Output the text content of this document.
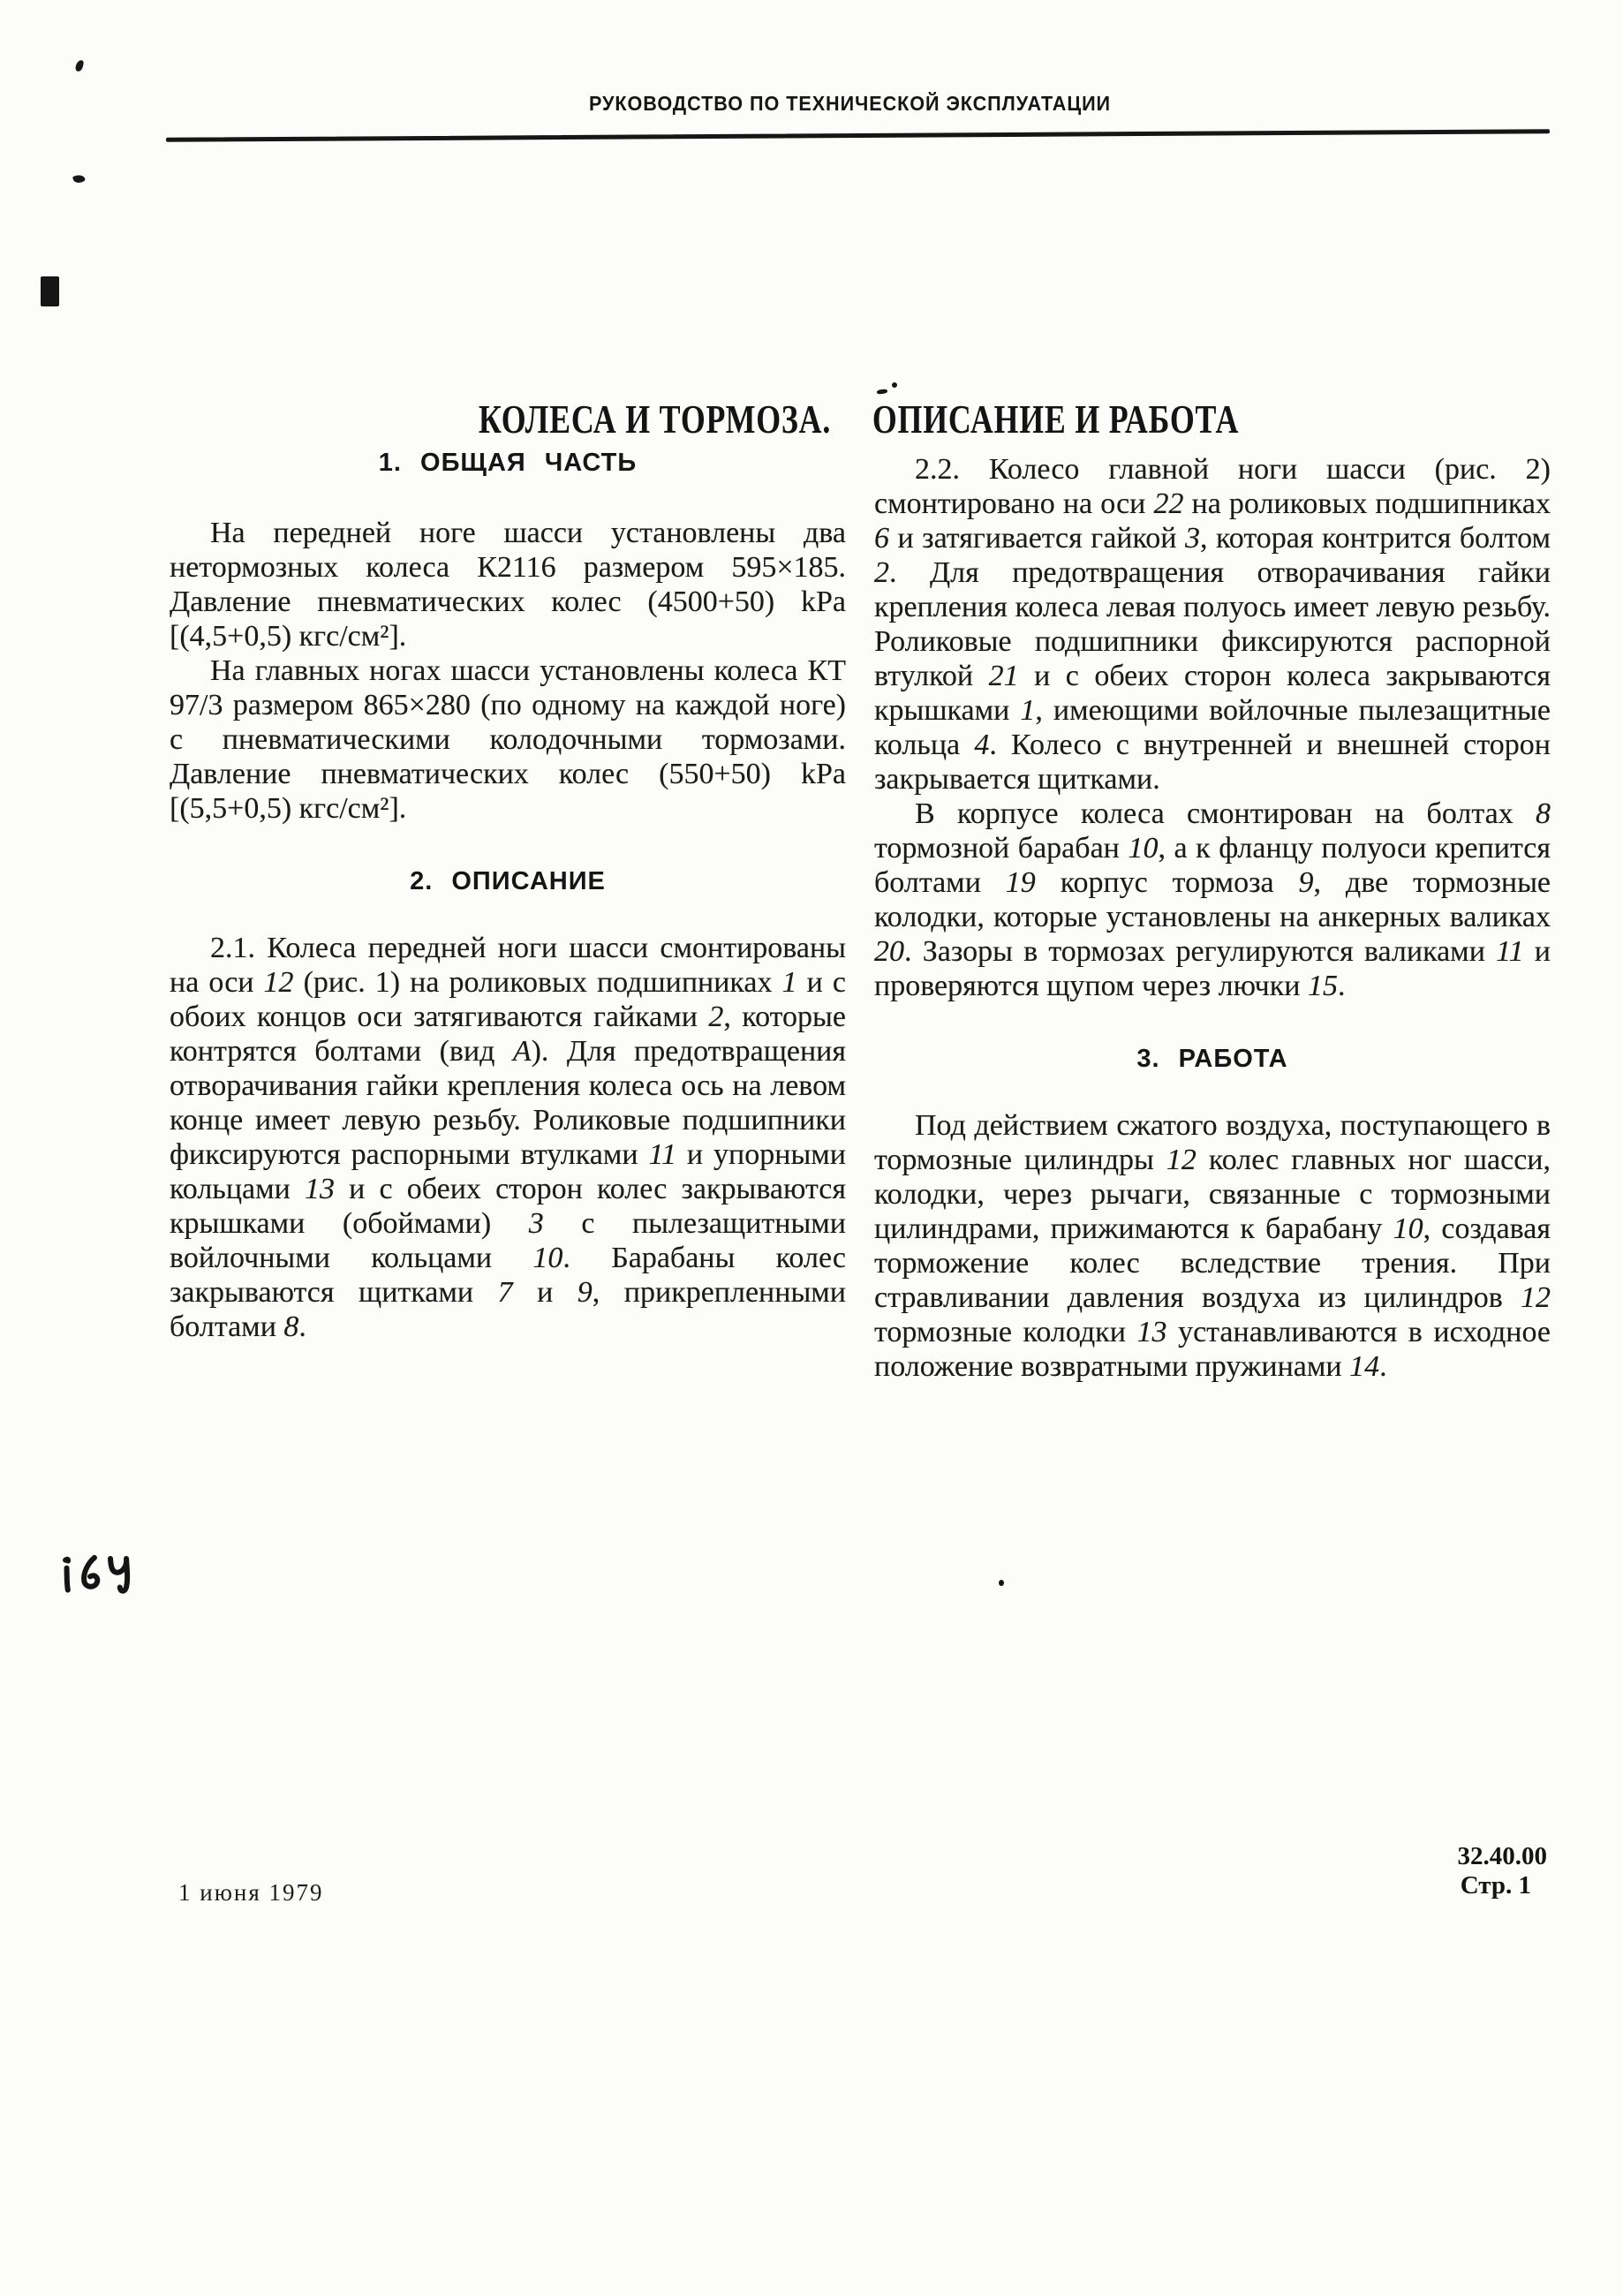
РУКОВОДСТВО ПО ТЕХНИЧЕСКОЙ ЭКСПЛУАТАЦИИ
КОЛЕСА И ТОРМОЗА. ОПИСАНИЕ И РАБОТА
1. ОБЩАЯ ЧАСТЬ

На передней ноге шасси установлены два нетормозных колеса К2116 размером 595×185. Давление пневматических колес (4500+50) kPa [(4,5+0,5) кгс/см²].

На главных ногах шасси установлены колеса КТ 97/3 размером 865×280 (по одному на каждой ноге) с пневматическими колодочными тормозами. Давление пневматических колес (550+50) kPa [(5,5+0,5) кгс/см²].

2. ОПИСАНИЕ

2.1. Колеса передней ноги шасси смонтированы на оси 12 (рис. 1) на роликовых подшипниках 1 и с обоих концов оси затягиваются гайками 2, которые контрятся болтами (вид А). Для предотвращения отворачивания гайки крепления колеса ось на левом конце имеет левую резьбу. Роликовые подшипники фиксируются распорными втулками 11 и упорными кольцами 13 и с обеих сторон колес закрываются крышками (обоймами) 3 с пылезащитными войлочными кольцами 10. Барабаны колес закрываются щитками 7 и 9, прикрепленными болтами 8.

2.2. Колесо главной ноги шасси (рис. 2) смонтировано на оси 22 на роликовых подшипниках 6 и затягивается гайкой 3, которая контрится болтом 2. Для предотвращения отворачивания гайки крепления колеса левая полуось имеет левую резьбу. Роликовые подшипники фиксируются распорной втулкой 21 и с обеих сторон колеса закрываются крышками 1, имеющими войлочные пылезащитные кольца 4. Колесо с внутренней и внешней сторон закрывается щитками.

В корпусе колеса смонтирован на болтах 8 тормозной барабан 10, а к фланцу полуоси крепится болтами 19 корпус тормоза 9, две тормозные колодки, которые установлены на анкерных валиках 20. Зазоры в тормозах регулируются валиками 11 и проверяются щупом через лючки 15.

3. РАБОТА

Под действием сжатого воздуха, поступающего в тормозные цилиндры 12 колес главных ног шасси, колодки, через рычаги, связанные с тормозными цилиндрами, прижимаются к барабану 10, создавая торможение колес вследствие трения. При стравливании давления воздуха из цилиндров 12 тормозные колодки 13 устанавливаются в исходное положение возвратными пружинами 14.

1 июня 1979
32.40.00
Стр. 1
